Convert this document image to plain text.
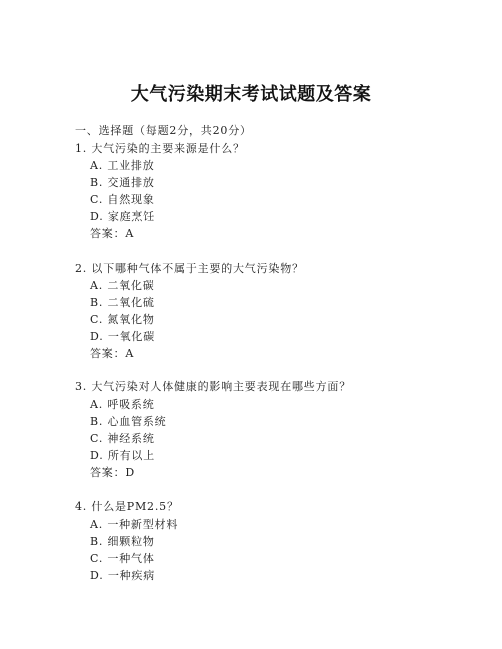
大气污染期末考试试题及答案
一、选择题（每题2分，共20分）
1. 大气污染的主要来源是什么？
A. 工业排放
B. 交通排放
C. 自然现象
D. 家庭烹饪
答案：A
2. 以下哪种气体不属于主要的大气污染物？
A. 二氧化碳
B. 二氧化硫
C. 氮氧化物
D. 一氧化碳
答案：A
3. 大气污染对人体健康的影响主要表现在哪些方面？
A. 呼吸系统
B. 心血管系统
C. 神经系统
D. 所有以上
答案：D
4. 什么是PM2.5？
A. 一种新型材料
B. 细颗粒物
C. 一种气体
D. 一种疾病
